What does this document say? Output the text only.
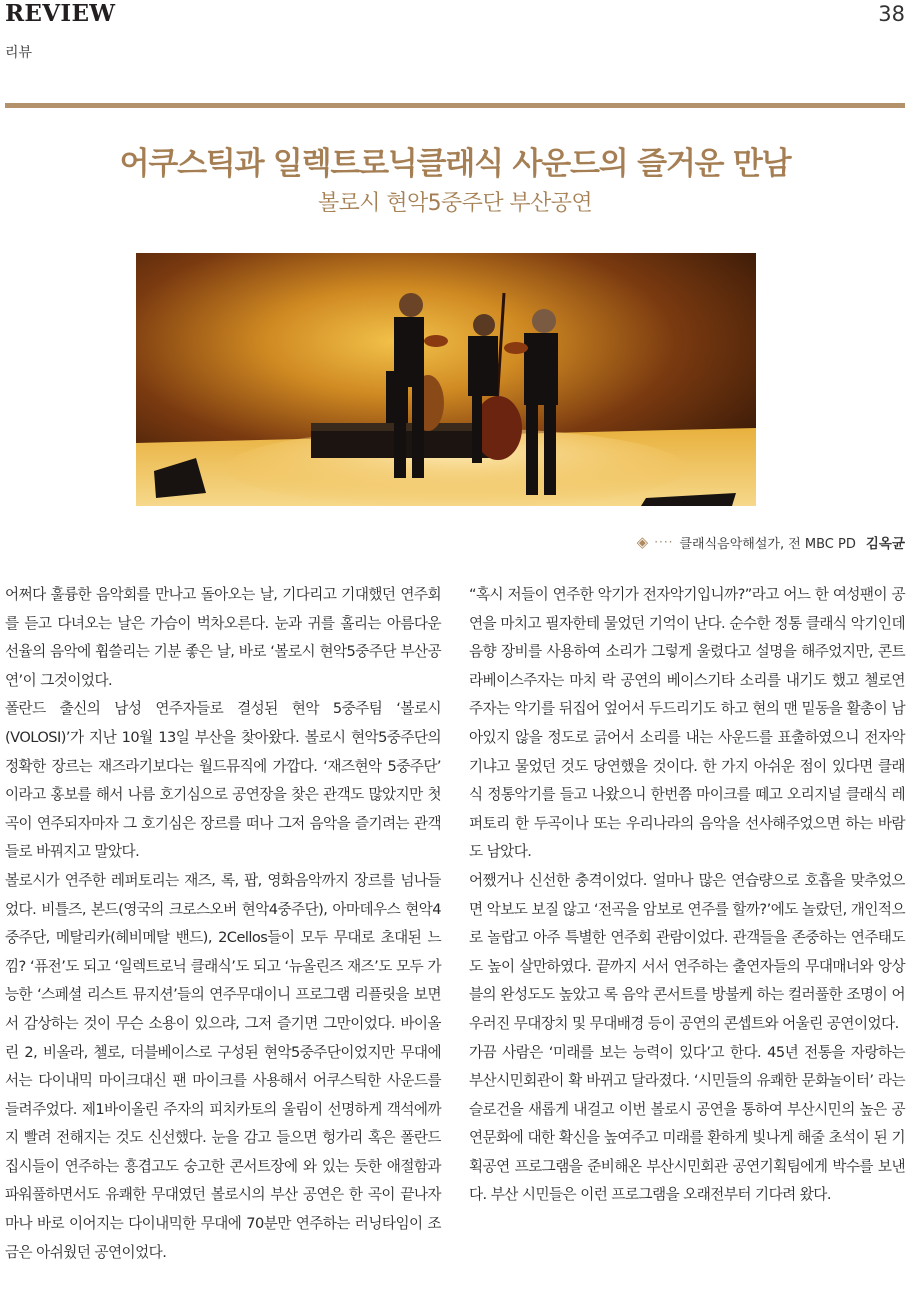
REVIEW
리뷰
38
어쿠스틱과 일렉트로닉클래식 사운드의 즐거운 만남
볼로시 현악5중주단 부산공연
◈ ···· 클래식음악해설가, 전 MBC PD 김옥균

어쩌다 훌륭한 음악회를 만나고 돌아오는 날, 기다리고 기대했던 연주회를 듣고 다녀오는 날은 가슴이 벅차오른다. 눈과 귀를 홀리는 아름다운 선율의 음악에 휩쓸리는 기분 좋은 날, 바로 ‘볼로시 현악5중주단 부산공연’이 그것이었다.

폴란드 출신의 남성 연주자들로 결성된 현악 5중주팀 ‘볼로시(VOLOSI)’가 지난 10월 13일 부산을 찾아왔다. 볼로시 현악5중주단의 정확한 장르는 재즈라기보다는 월드뮤직에 가깝다. ‘재즈현악 5중주단’ 이라고 홍보를 해서 나름 호기심으로 공연장을 찾은 관객도 많았지만 첫 곡이 연주되자마자 그 호기심은 장르를 떠나 그저 음악을 즐기려는 관객들로 바꿔지고 말았다.

볼로시가 연주한 레퍼토리는 재즈, 록, 팝, 영화음악까지 장르를 넘나들었다. 비틀즈, 본드(영국의 크로스오버 현악4중주단), 아마데우스 현악4중주단, 메탈리카(헤비메탈 밴드), 2Cellos들이 모두 무대로 초대된 느낌? ‘퓨전’도 되고 ‘일렉트로닉 클래식’도 되고 ‘뉴올린즈 재즈’도 모두 가능한 ‘스페셜 리스트 뮤지션’들의 연주무대이니 프로그램 리플릿을 보면서 감상하는 것이 무슨 소용이 있으랴, 그저 즐기면 그만이었다. 바이올린 2, 비올라, 첼로, 더블베이스로 구성된 현악5중주단이었지만 무대에서는 다이내믹 마이크대신 팬 마이크를 사용해서 어쿠스틱한 사운드를 들려주었다. 제1바이올린 주자의 피치카토의 울림이 선명하게 객석에까지 빨려 전해지는 것도 신선했다. 눈을 감고 들으면 헝가리 혹은 폴란드 집시들이 연주하는 흥겹고도 숭고한 콘서트장에 와 있는 듯한 애절함과 파워풀하면서도 유쾌한 무대였던 볼로시의 부산 공연은 한 곡이 끝나자마나 바로 이어지는 다이내믹한 무대에 70분만 연주하는 러닝타임이 조금은 아쉬웠던 공연이었다.

“혹시 저들이 연주한 악기가 전자악기입니까?”라고 어느 한 여성팬이 공연을 마치고 필자한테 물었던 기억이 난다. 순수한 정통 클래식 악기인데 음향 장비를 사용하여 소리가 그렇게 울렸다고 설명을 해주었지만, 콘트라베이스주자는 마치 락 공연의 베이스기타 소리를 내기도 했고 첼로연주자는 악기를 뒤집어 엎어서 두드리기도 하고 현의 맨 밑동을 활총이 남아있지 않을 정도로 긁어서 소리를 내는 사운드를 표출하였으니 전자악기냐고 물었던 것도 당연했을 것이다. 한 가지 아쉬운 점이 있다면 클래식 정통악기를 들고 나왔으니 한번쯤 마이크를 떼고 오리지널 클래식 레퍼토리 한 두곡이나 또는 우리나라의 음악을 선사해주었으면 하는 바람도 남았다.

어쨌거나 신선한 충격이었다. 얼마나 많은 연습량으로 호흡을 맞추었으면 악보도 보질 않고 ‘전곡을 암보로 연주를 할까?’에도 놀랐던, 개인적으로 놀랍고 아주 특별한 연주회 관람이었다. 관객들을 존중하는 연주태도도 높이 살만하였다. 끝까지 서서 연주하는 출연자들의 무대매너와 앙상블의 완성도도 높았고 록 음악 콘서트를 방불케 하는 컬러풀한 조명이 어우러진 무대장치 및 무대배경 등이 공연의 콘셉트와 어울린 공연이었다.

가끔 사람은 ‘미래를 보는 능력이 있다’고 한다. 45년 전통을 자랑하는 부산시민회관이 확 바뀌고 달라졌다. ‘시민들의 유쾌한 문화놀이터’ 라는 슬로건을 새롭게 내걸고 이번 볼로시 공연을 통하여 부산시민의 높은 공연문화에 대한 확신을 높여주고 미래를 환하게 빛나게 해줄 초석이 된 기획공연 프로그램을 준비해온 부산시민회관 공연기획팀에게 박수를 보낸다. 부산 시민들은 이런 프로그램을 오래전부터 기다려 왔다.
